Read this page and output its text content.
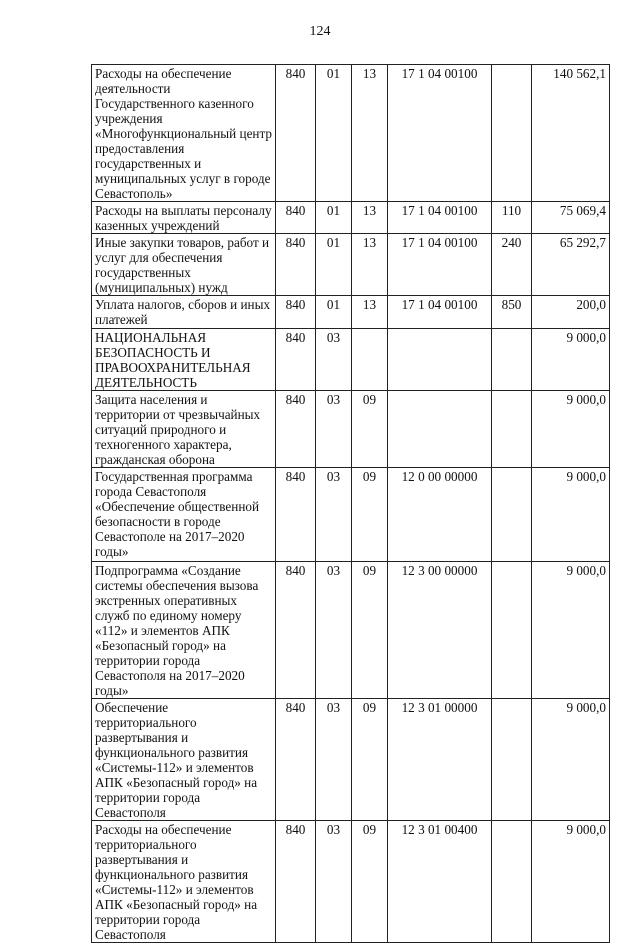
124
Расходы на обеспечение деятельности Государственного казенного учреждения «Многофункциональный центр предоставления государственных и муниципальных услуг в городе Севастополь»	840	01	13	17 1 04 00100		140 562,1
Расходы на выплаты персоналу казенных учреждений	840	01	13	17 1 04 00100	110	75 069,4
Иные закупки товаров, работ и услуг для обеспечения государственных (муниципальных) нужд	840	01	13	17 1 04 00100	240	65 292,7
Уплата налогов, сборов и иных платежей	840	01	13	17 1 04 00100	850	200,0
НАЦИОНАЛЬНАЯ БЕЗОПАСНОСТЬ И ПРАВООХРАНИТЕЛЬНАЯ ДЕЯТЕЛЬНОСТЬ	840	03				9 000,0
Защита населения и территории от чрезвычайных ситуаций природного и техногенного характера, гражданская оборона	840	03	09			9 000,0
Государственная программа города Севастополя «Обеспечение общественной безопасности в городе Севастополе на 2017–2020 годы»	840	03	09	12 0 00 00000		9 000,0
Подпрограмма «Создание системы обеспечения вызова экстренных оперативных служб по единому номеру «112» и элементов АПК «Безопасный город» на территории города Севастополя на 2017–2020 годы»	840	03	09	12 3 00 00000		9 000,0
Обеспечение территориального развертывания и функционального развития «Системы-112» и элементов АПК «Безопасный город» на территории города Севастополя	840	03	09	12 3 01 00000		9 000,0
Расходы на обеспечение территориального развертывания и функционального развития «Системы-112» и элементов АПК «Безопасный город» на территории города Севастополя	840	03	09	12 3 01 00400		9 000,0
